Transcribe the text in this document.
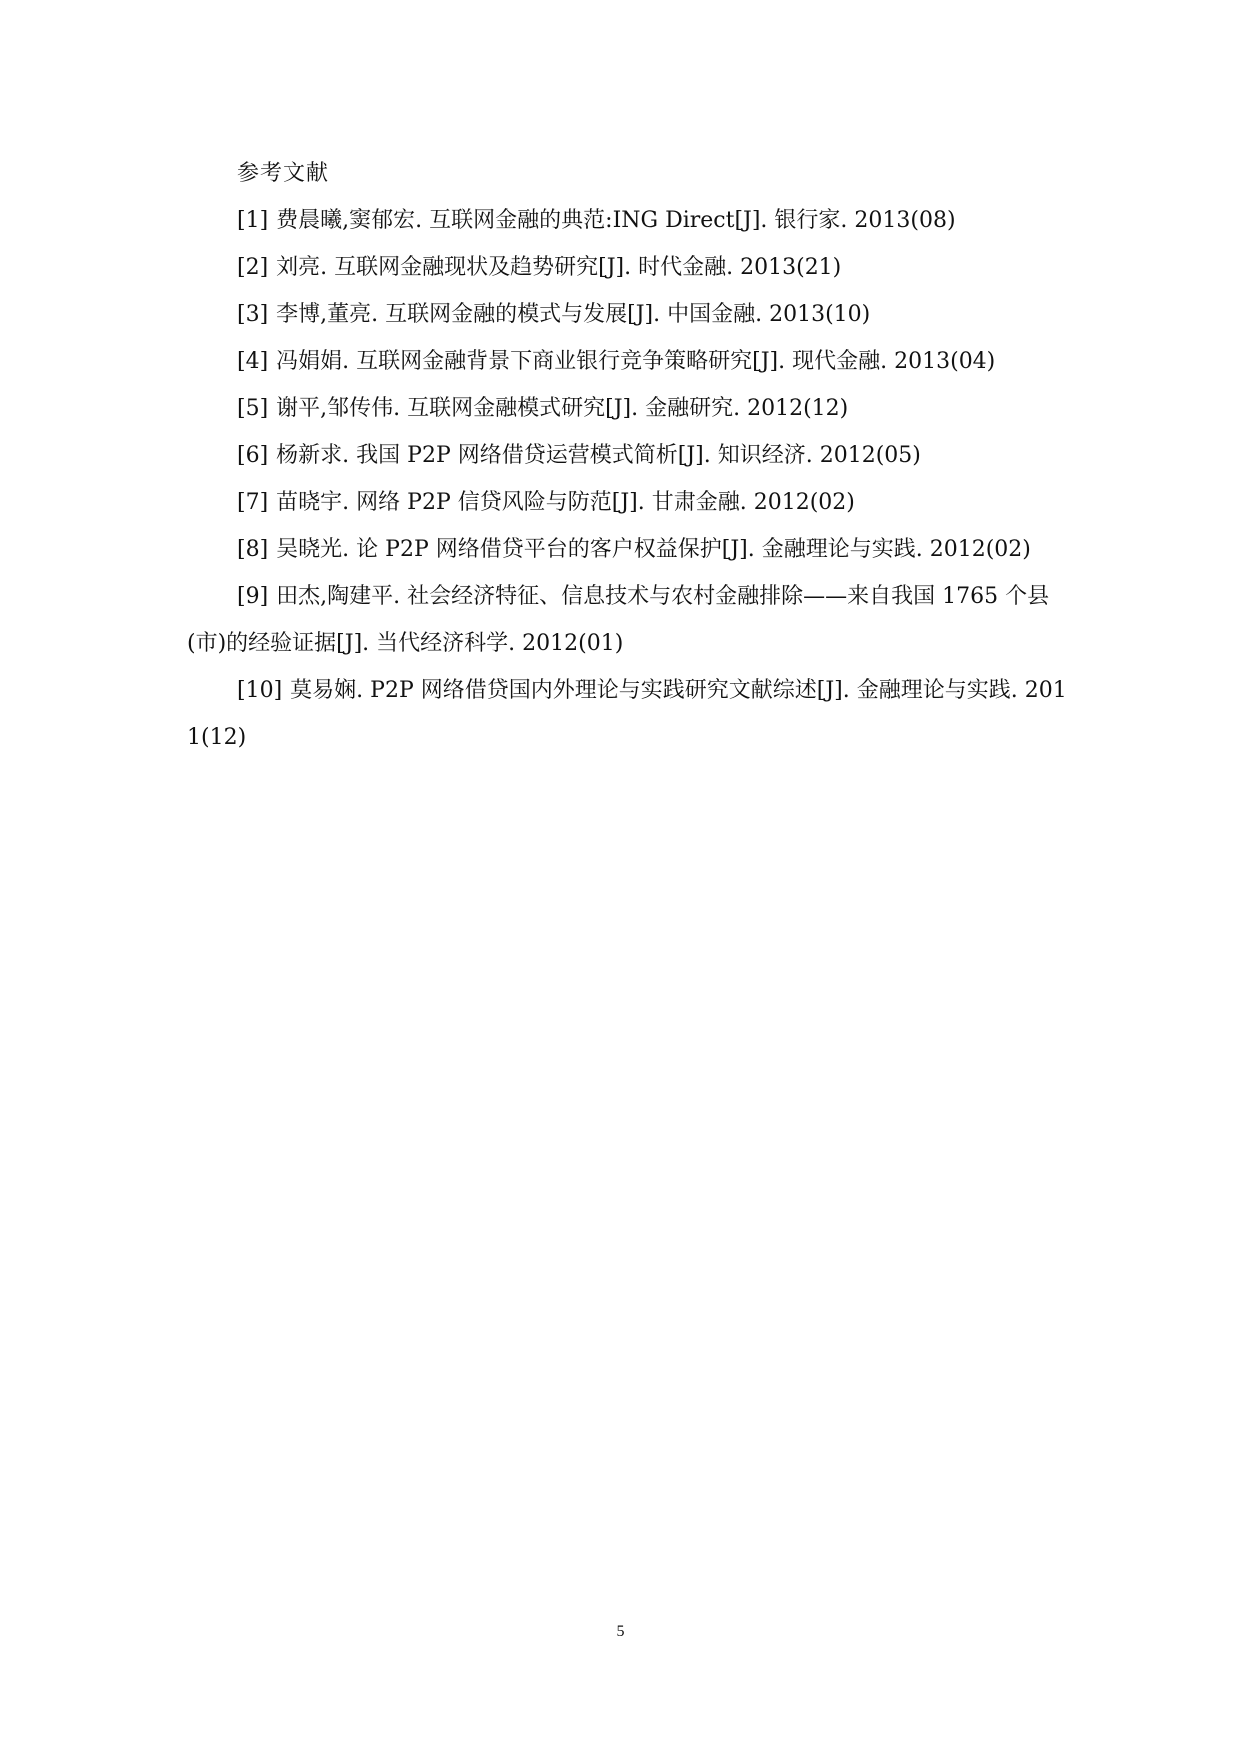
参考文献

[1] 费晨曦,窦郁宏. 互联网金融的典范:ING Direct[J]. 银行家. 2013(08)

[2] 刘亮. 互联网金融现状及趋势研究[J]. 时代金融. 2013(21)

[3] 李博,董亮. 互联网金融的模式与发展[J]. 中国金融. 2013(10)

[4] 冯娟娟. 互联网金融背景下商业银行竞争策略研究[J]. 现代金融. 2013(04)

[5] 谢平,邹传伟. 互联网金融模式研究[J]. 金融研究. 2012(12)

[6] 杨新求. 我国 P2P 网络借贷运营模式简析[J]. 知识经济. 2012(05)

[7] 苗晓宇. 网络 P2P 信贷风险与防范[J]. 甘肃金融. 2012(02)

[8] 吴晓光. 论 P2P 网络借贷平台的客户权益保护[J]. 金融理论与实践. 2012(02)

[9] 田杰,陶建平. 社会经济特征、信息技术与农村金融排除——来自我国 1765 个县(市)的经验证据[J]. 当代经济科学. 2012(01)

[10] 莫易娴. P2P 网络借贷国内外理论与实践研究文献综述[J]. 金融理论与实践. 2011(12)

5
